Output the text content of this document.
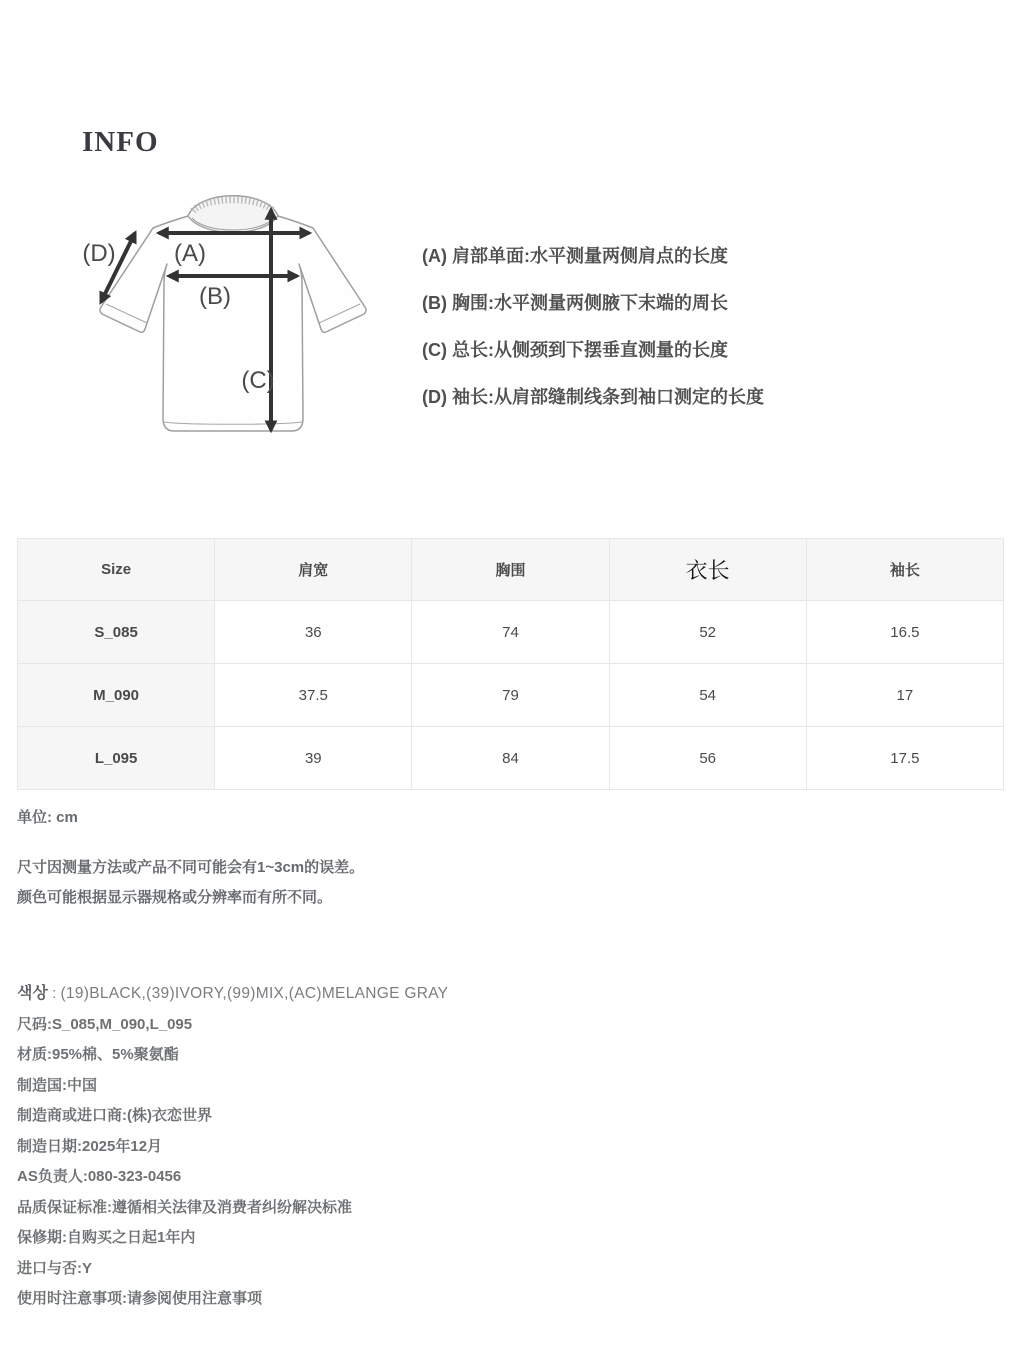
INFO
(A)
(B)
(C)
(D)	(A) 肩部单面:水平测量两侧肩点的长度

(B) 胸围:水平测量两侧腋下末端的周长

(C) 总长:从侧颈到下摆垂直测量的长度

(D) 袖长:从肩部缝制线条到袖口测定的长度

Size	肩宽	胸围	衣长	袖长
S_085	36	74	52	16.5
M_090	37.5	79	54	17
L_095	39	84	56	17.5

单位: cm

尺寸因测量方法或产品不同可能会有1~3cm的误差。

颜色可能根据显示器规格或分辨率而有所不同。

색상 : (19)BLACK,(39)IVORY,(99)MIX,(AC)MELANGE GRAY

尺码:S_085,M_090,L_095

材质:95%棉、5%聚氨酯

制造国:中国

制造商或进口商:(株)衣恋世界

制造日期:2025年12月

AS负责人:080-323-0456

品质保证标准:遵循相关法律及消费者纠纷解决标准

保修期:自购买之日起1年内

进口与否:Y

使用时注意事项:请参阅使用注意事项
